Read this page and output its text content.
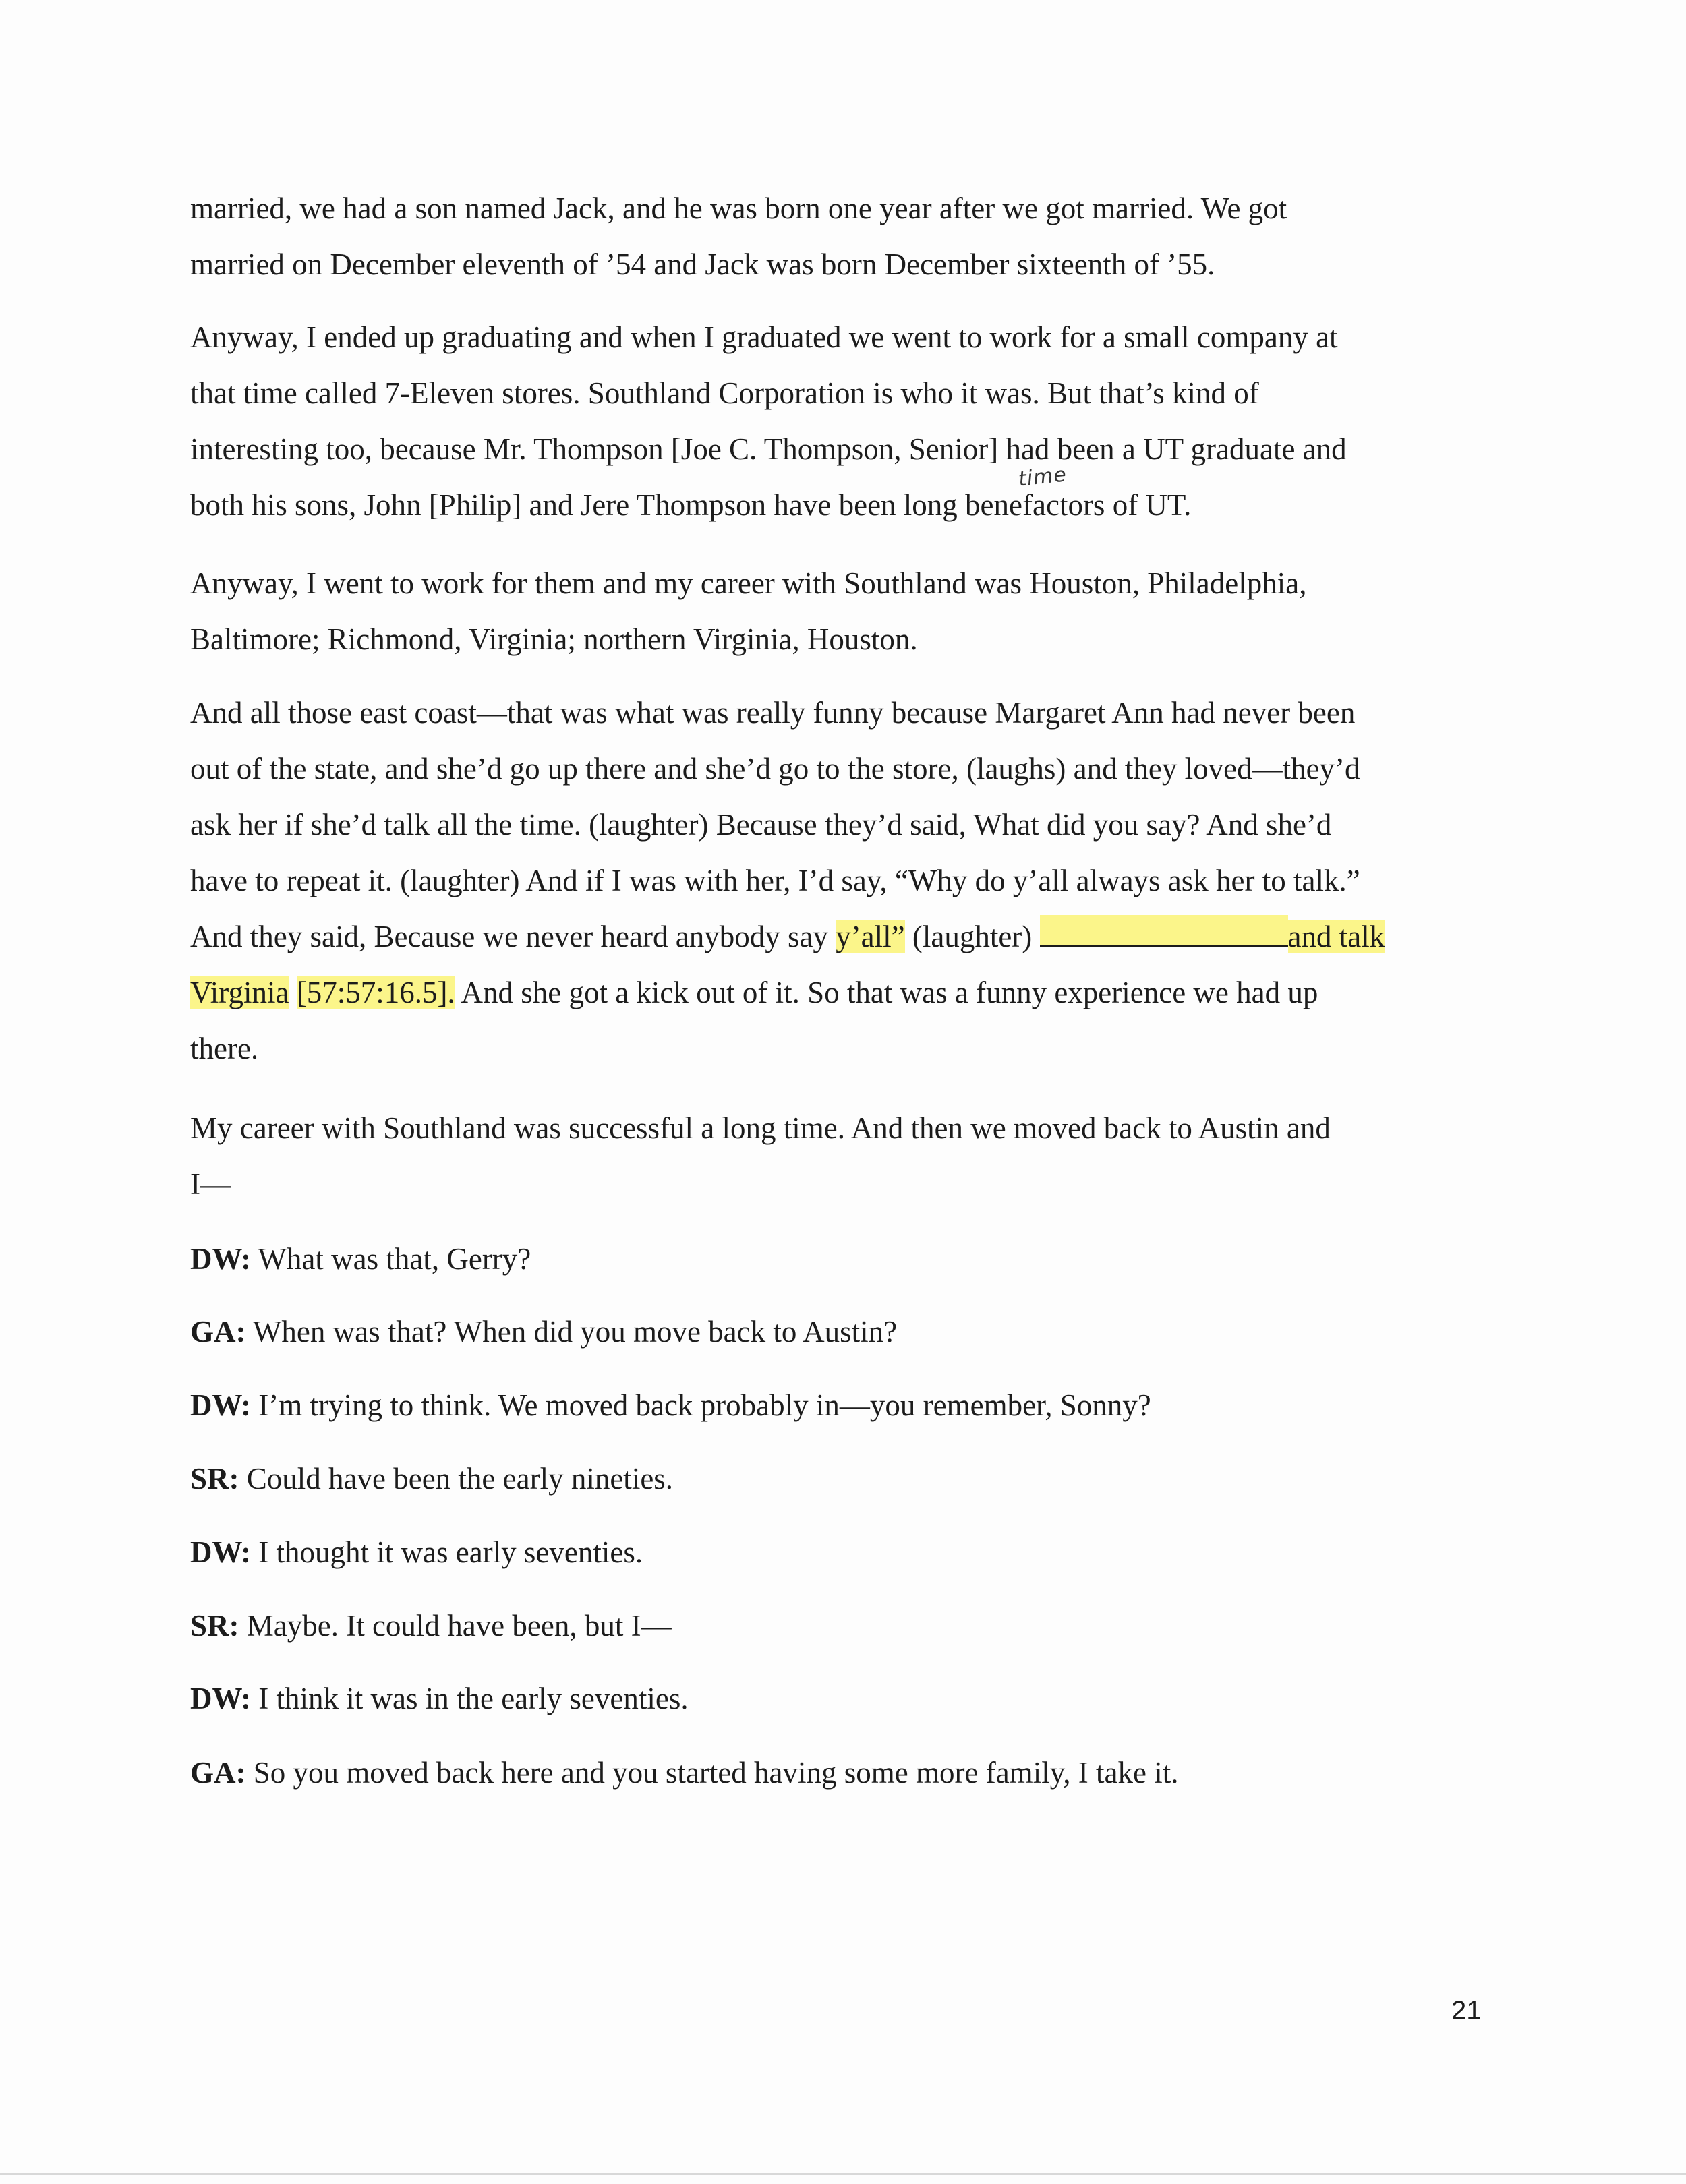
married, we had a son named Jack, and he was born one year after we got married. We got
married on December eleventh of ’54 and Jack was born December sixteenth of ’55.

Anyway, I ended up graduating and when I graduated we went to work for a small company at
that time called 7-Eleven stores. Southland Corporation is who it was. But that’s kind of
interesting too, because Mr. Thompson [Joe C. Thompson, Senior] had been a UT graduate and
both his sons, John [Philip] and Jere Thompson have been long benefactors of UT.

time

Anyway, I went to work for them and my career with Southland was Houston, Philadelphia,
Baltimore; Richmond, Virginia; northern Virginia, Houston.

And all those east coast—that was what was really funny because Margaret Ann had never been
out of the state, and she’d go up there and she’d go to the store, (laughs) and they loved—they’d
ask her if she’d talk all the time. (laughter) Because they’d said, What did you say? And she’d
have to repeat it. (laughter) And if I was with her, I’d say, “Why do y’all always ask her to talk.”
And they said, Because we never heard anybody say y’all” (laughter)	and talk
Virginia [57:57:16.5]. And she got a kick out of it. So that was a funny experience we had up
there.

My career with Southland was successful a long time. And then we moved back to Austin and
I—

DW: What was that, Gerry?

GA: When was that? When did you move back to Austin?

DW: I’m trying to think. We moved back probably in—you remember, Sonny?

SR: Could have been the early nineties.

DW: I thought it was early seventies.

SR: Maybe. It could have been, but I—

DW: I think it was in the early seventies.

GA: So you moved back here and you started having some more family, I take it.

21
